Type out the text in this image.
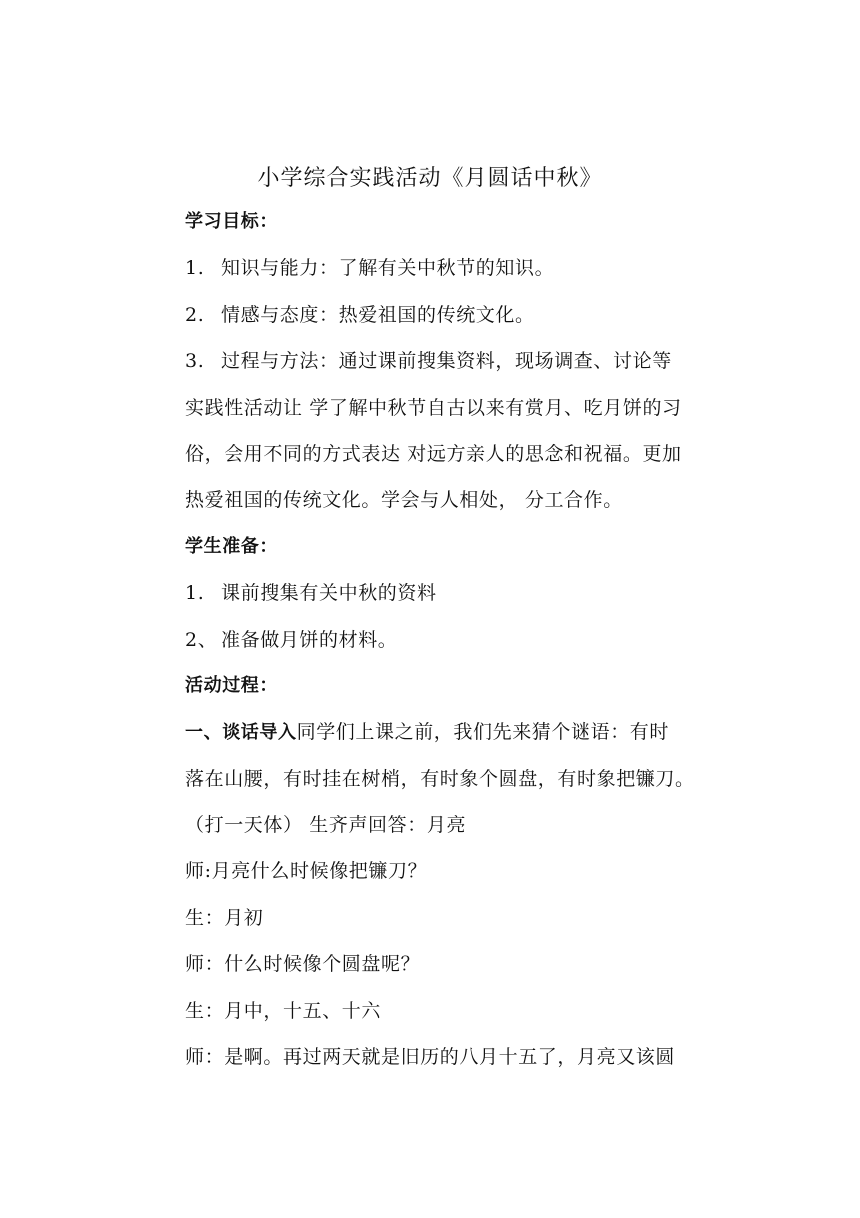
小学综合实践活动《月圆话中秋》
学习目标：
1. 知识与能力：了解有关中秋节的知识。
2. 情感与态度：热爱祖国的传统文化。
3. 过程与方法：通过课前搜集资料，现场调查、讨论等
实践性活动让 学了解中秋节自古以来有赏月、吃月饼的习
俗，会用不同的方式表达 对远方亲人的思念和祝福。更加
热爱祖国的传统文化。学会与人相处， 分工合作。
学生准备：
1. 课前搜集有关中秋的资料
2、 准备做月饼的材料。
活动过程：
一、谈话导入同学们上课之前，我们先来猜个谜语：有时
落在山腰，有时挂在树梢，有时象个圆盘，有时象把镰刀。
（打一天体） 生齐声回答：月亮
师:月亮什么时候像把镰刀？
生：月初
师：什么时候像个圆盘呢？
生：月中，十五、十六
师：是啊。再过两天就是旧历的八月十五了，月亮又该圆
